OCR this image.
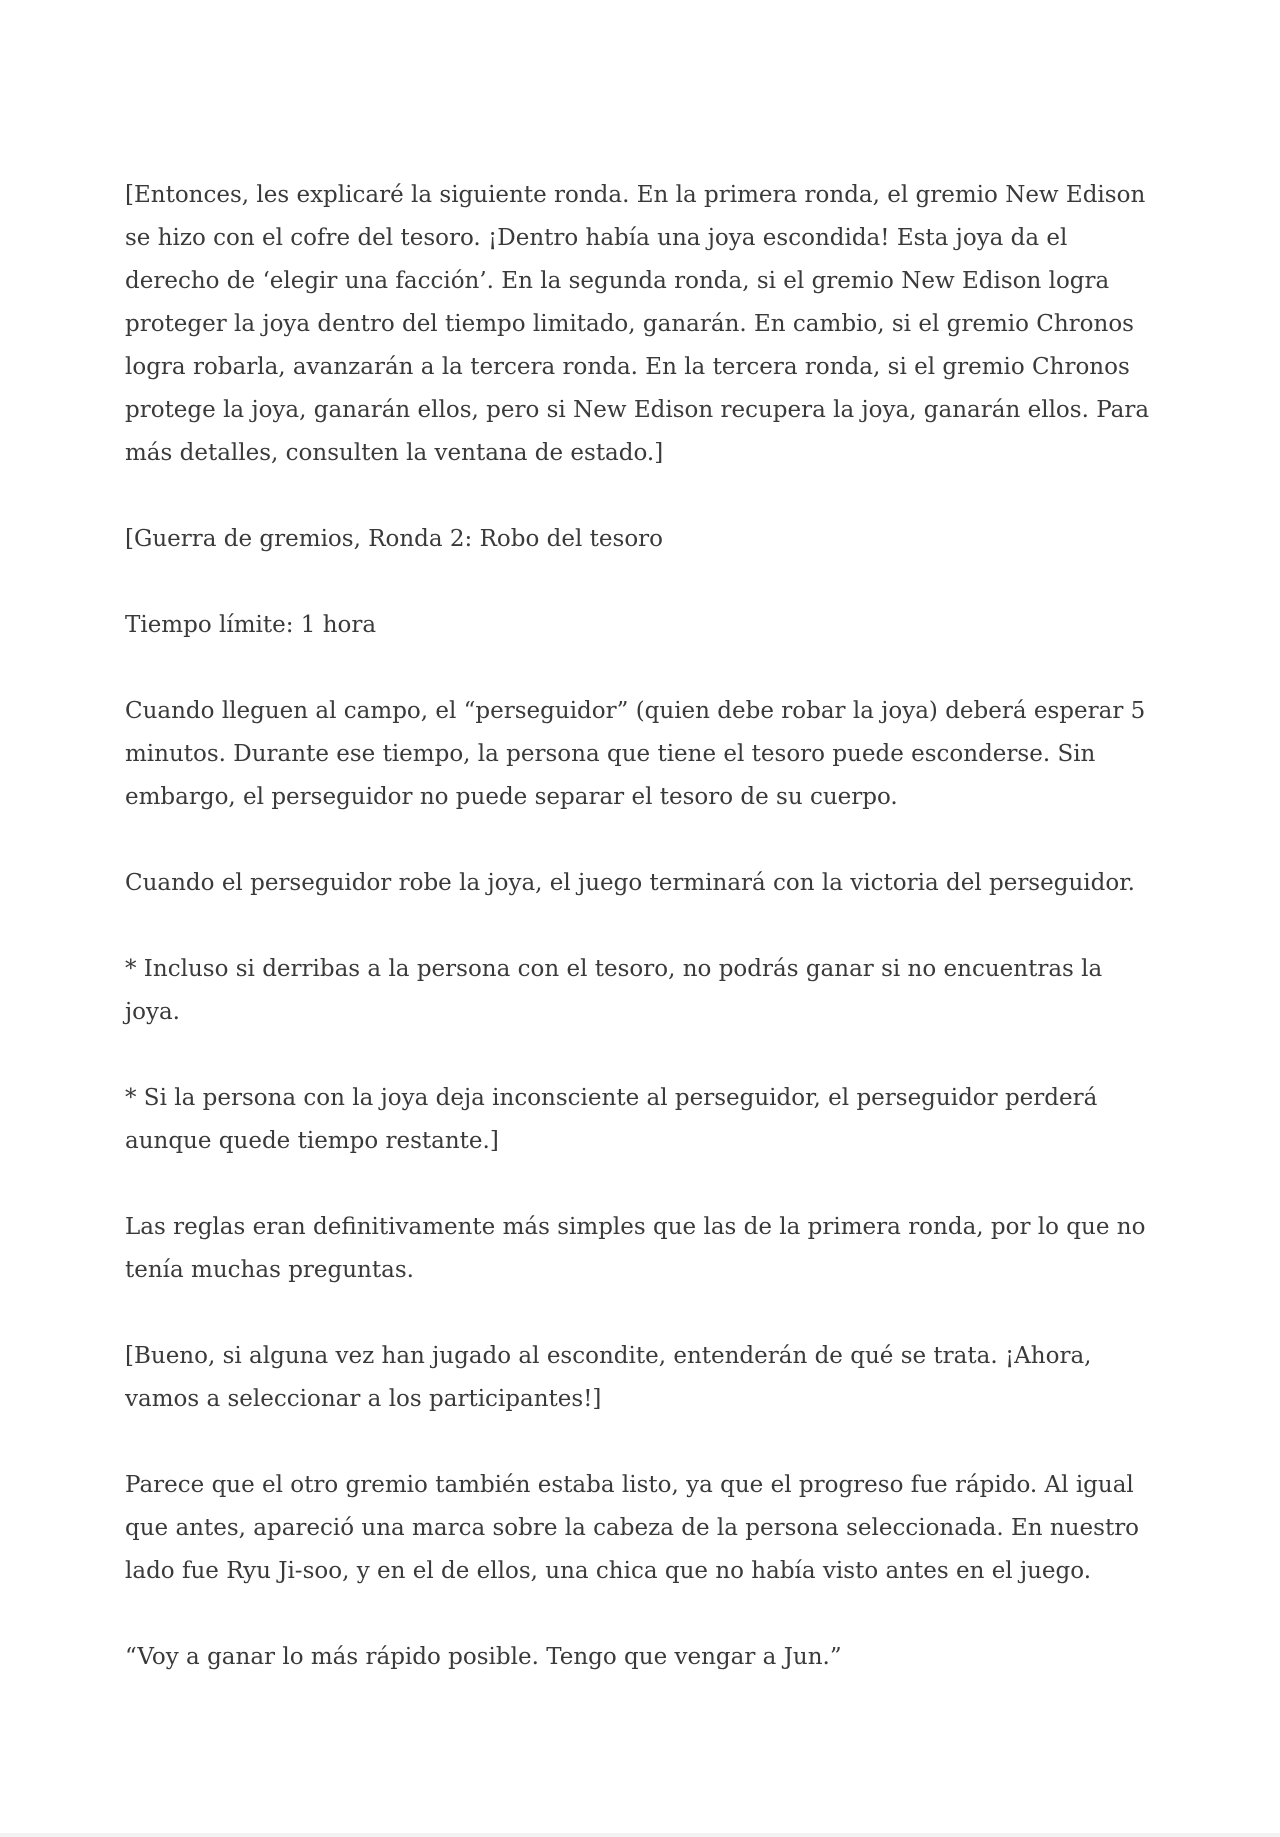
[Entonces, les explicaré la siguiente ronda. En la primera ronda, el gremio New Edison se hizo con el cofre del tesoro. ¡Dentro había una joya escondida! Esta joya da el derecho de ‘elegir una facción’. En la segunda ronda, si el gremio New Edison logra proteger la joya dentro del tiempo limitado, ganarán. En cambio, si el gremio Chronos logra robarla, avanzarán a la tercera ronda. En la tercera ronda, si el gremio Chronos protege la joya, ganarán ellos, pero si New Edison recupera la joya, ganarán ellos. Para más detalles, consulten la ventana de estado.]

[Guerra de gremios, Ronda 2: Robo del tesoro

Tiempo límite: 1 hora

Cuando lleguen al campo, el “perseguidor” (quien debe robar la joya) deberá esperar 5 minutos. Durante ese tiempo, la persona que tiene el tesoro puede esconderse. Sin embargo, el perseguidor no puede separar el tesoro de su cuerpo.

Cuando el perseguidor robe la joya, el juego terminará con la victoria del perseguidor.

* Incluso si derribas a la persona con el tesoro, no podrás ganar si no encuentras la joya.

* Si la persona con la joya deja inconsciente al perseguidor, el perseguidor perderá aunque quede tiempo restante.]

Las reglas eran definitivamente más simples que las de la primera ronda, por lo que no tenía muchas preguntas.

[Bueno, si alguna vez han jugado al escondite, entenderán de qué se trata. ¡Ahora, vamos a seleccionar a los participantes!]

Parece que el otro gremio también estaba listo, ya que el progreso fue rápido. Al igual que antes, apareció una marca sobre la cabeza de la persona seleccionada. En nuestro lado fue Ryu Ji-soo, y en el de ellos, una chica que no había visto antes en el juego.

“Voy a ganar lo más rápido posible. Tengo que vengar a Jun.”
